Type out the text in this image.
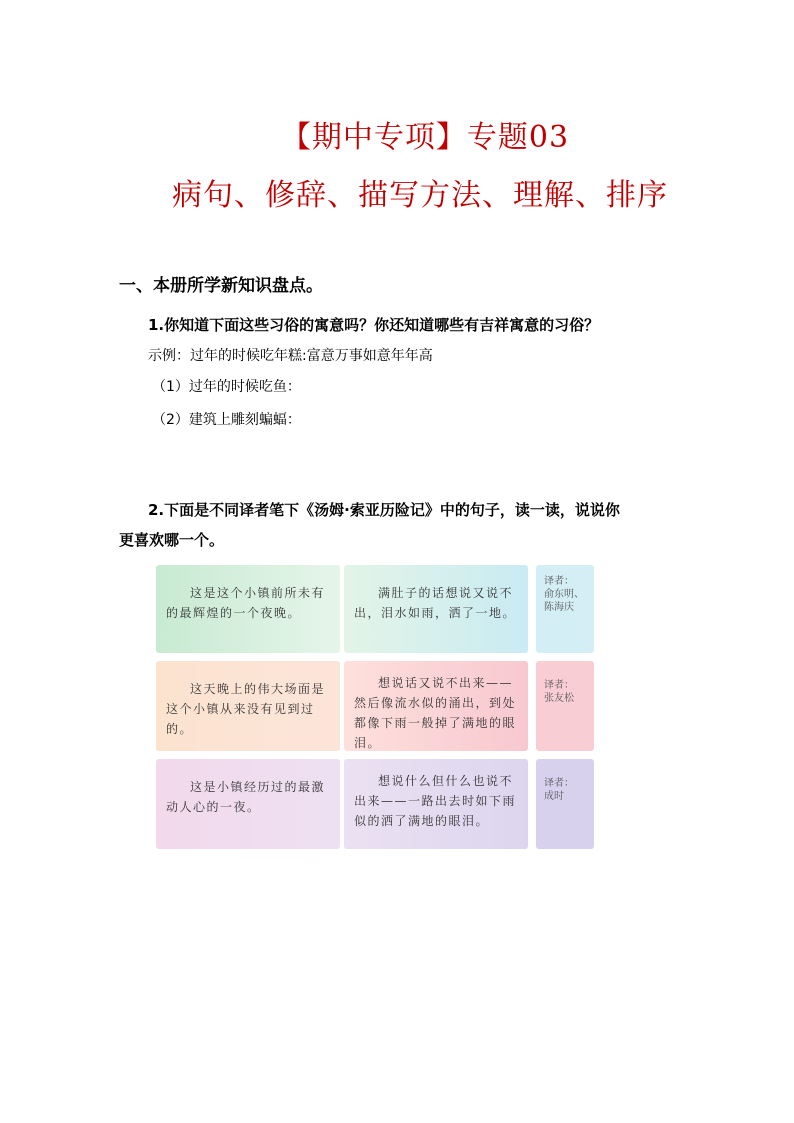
【期中专项】专题03
病句、修辞、描写方法、理解、排序
一、本册所学新知识盘点。
1.你知道下面这些习俗的寓意吗？你还知道哪些有吉祥寓意的习俗？
示例：过年的时候吃年糕:富意万事如意年年高
（1）过年的时候吃鱼：
（2）建筑上雕刻蝙蝠：
2.下面是不同译者笔下《汤姆·索亚历险记》中的句子，读一读，说说你
更喜欢哪一个。
这是这个小镇前所未有的最辉煌的一个夜晚。
满肚子的话想说又说不出，泪水如雨，洒了一地。
译者：
俞东明、陈海庆
这天晚上的伟大场面是这个小镇从来没有见到过的。
想说话又说不出来——然后像流水似的涌出，到处都像下雨一般掉了满地的眼泪。
译者：
张友松
这是小镇经历过的最激动人心的一夜。
想说什么但什么也说不出来——一路出去时如下雨似的洒了满地的眼泪。
译者：
成时
